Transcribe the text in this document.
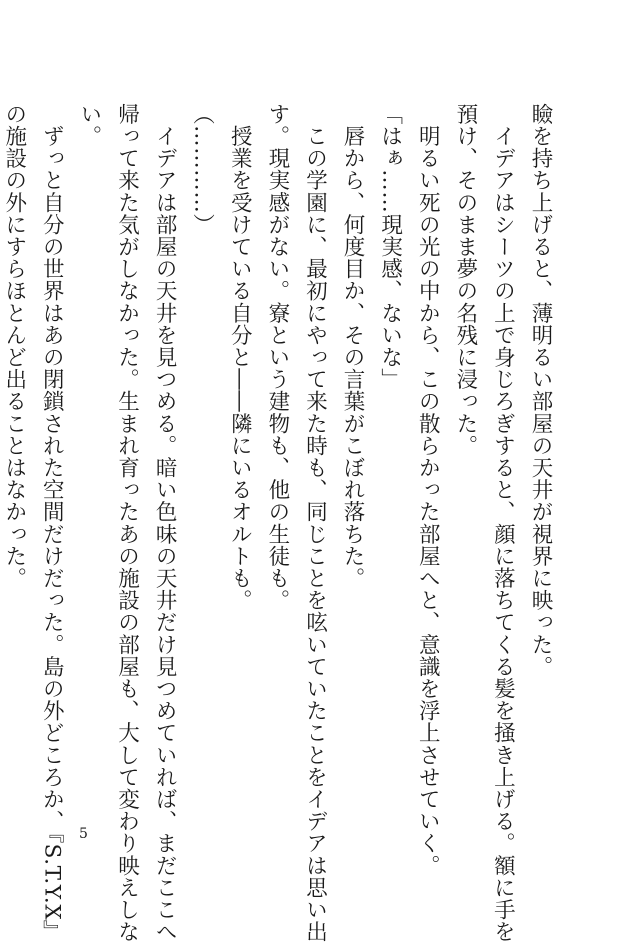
瞼を持ち上げると、薄明るい部屋の天井が視界に映った。
　イデアはシーツの上で身じろぎすると、顔に落ちてくる髪を掻き上げる。額に手を
預け、そのまま夢の名残に浸った。
　明るい死の光の中から、この散らかった部屋へと、意識を浮上させていく。
「はぁ……現実感、ないな」
　唇から、何度目か、その言葉がこぼれ落ちた。
　この学園に、最初にやって来た時も、同じことを呟いていたことをイデアは思い出
す。現実感がない。寮という建物も、他の生徒も。
　授業を受けている自分と――隣にいるオルトも。
（…………）
　イデアは部屋の天井を見つめる。暗い色味の天井だけ見つめていれば、まだここへ
帰って来た気がしなかった。生まれ育ったあの施設の部屋も、大して変わり映えしな
い。
　ずっと自分の世界はあの閉鎖された空間だけだった。島の外どころか、『S.T.Y.X』
の施設の外にすらほとんど出ることはなかった。
5
